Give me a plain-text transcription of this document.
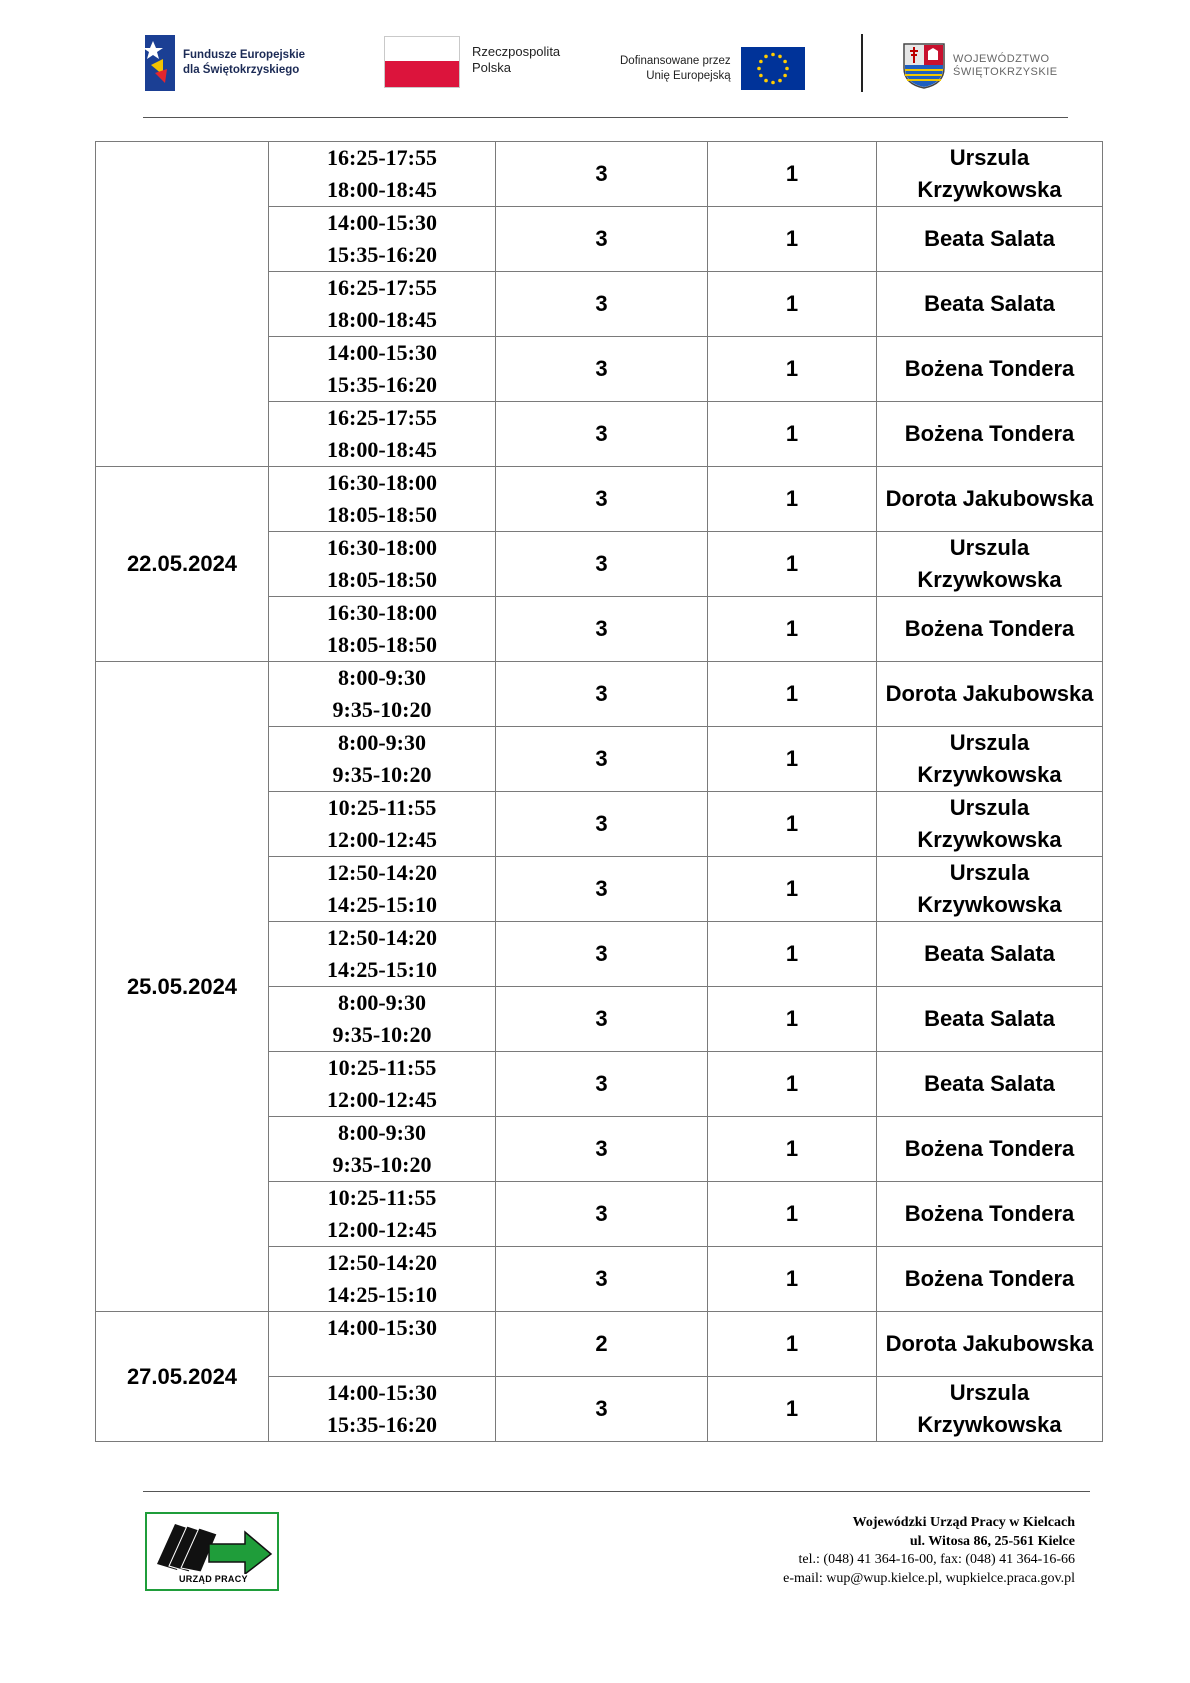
Fundusze Europejskie
dla Świętokrzyskiego
Rzeczpospolita
Polska	Dofinansowane przez
Unię Europejską
WOJEWÓDZTWO
ŚWIĘTOKRZYSKIE

	16:25-17:55
18:00-18:45	3	1	Urszula Krzywkowska

	14:00-15:30
15:35-16:20	3	1	Beata Salata

	16:25-17:55
18:00-18:45	3	1	Beata Salata

	14:00-15:30
15:35-16:20	3	1	Bożena Tondera

	16:25-17:55
18:00-18:45	3	1	Bożena Tondera
22.05.2024	16:30-18:00
18:05-18:50	3	1	Dorota Jakubowska

	16:30-18:00
18:05-18:50	3	1	Urszula Krzywkowska

	16:30-18:00
18:05-18:50	3	1	Bożena Tondera
25.05.2024	8:00-9:30
9:35-10:20	3	1	Dorota Jakubowska

	8:00-9:30
9:35-10:20	3	1	Urszula Krzywkowska

	10:25-11:55
12:00-12:45	3	1	Urszula Krzywkowska

	12:50-14:20
14:25-15:10	3	1	Urszula Krzywkowska

	12:50-14:20
14:25-15:10	3	1	Beata Salata

	8:00-9:30
9:35-10:20	3	1	Beata Salata

	10:25-11:55
12:00-12:45	3	1	Beata Salata

	8:00-9:30
9:35-10:20	3	1	Bożena Tondera

	10:25-11:55
12:00-12:45	3	1	Bożena Tondera

	12:50-14:20
14:25-15:10	3	1	Bożena Tondera
27.05.2024	14:00-15:30	2	1	Dorota Jakubowska

	14:00-15:30
15:35-16:20	3	1	Urszula Krzywkowska
URZĄD PRACY
Wojewódzki Urząd Pracy w Kielcach
ul. Witosa 86, 25-561 Kielce
tel.: (048) 41 364-16-00, fax: (048) 41 364-16-66
e-mail: wup@wup.kielce.pl, wupkielce.praca.gov.pl
